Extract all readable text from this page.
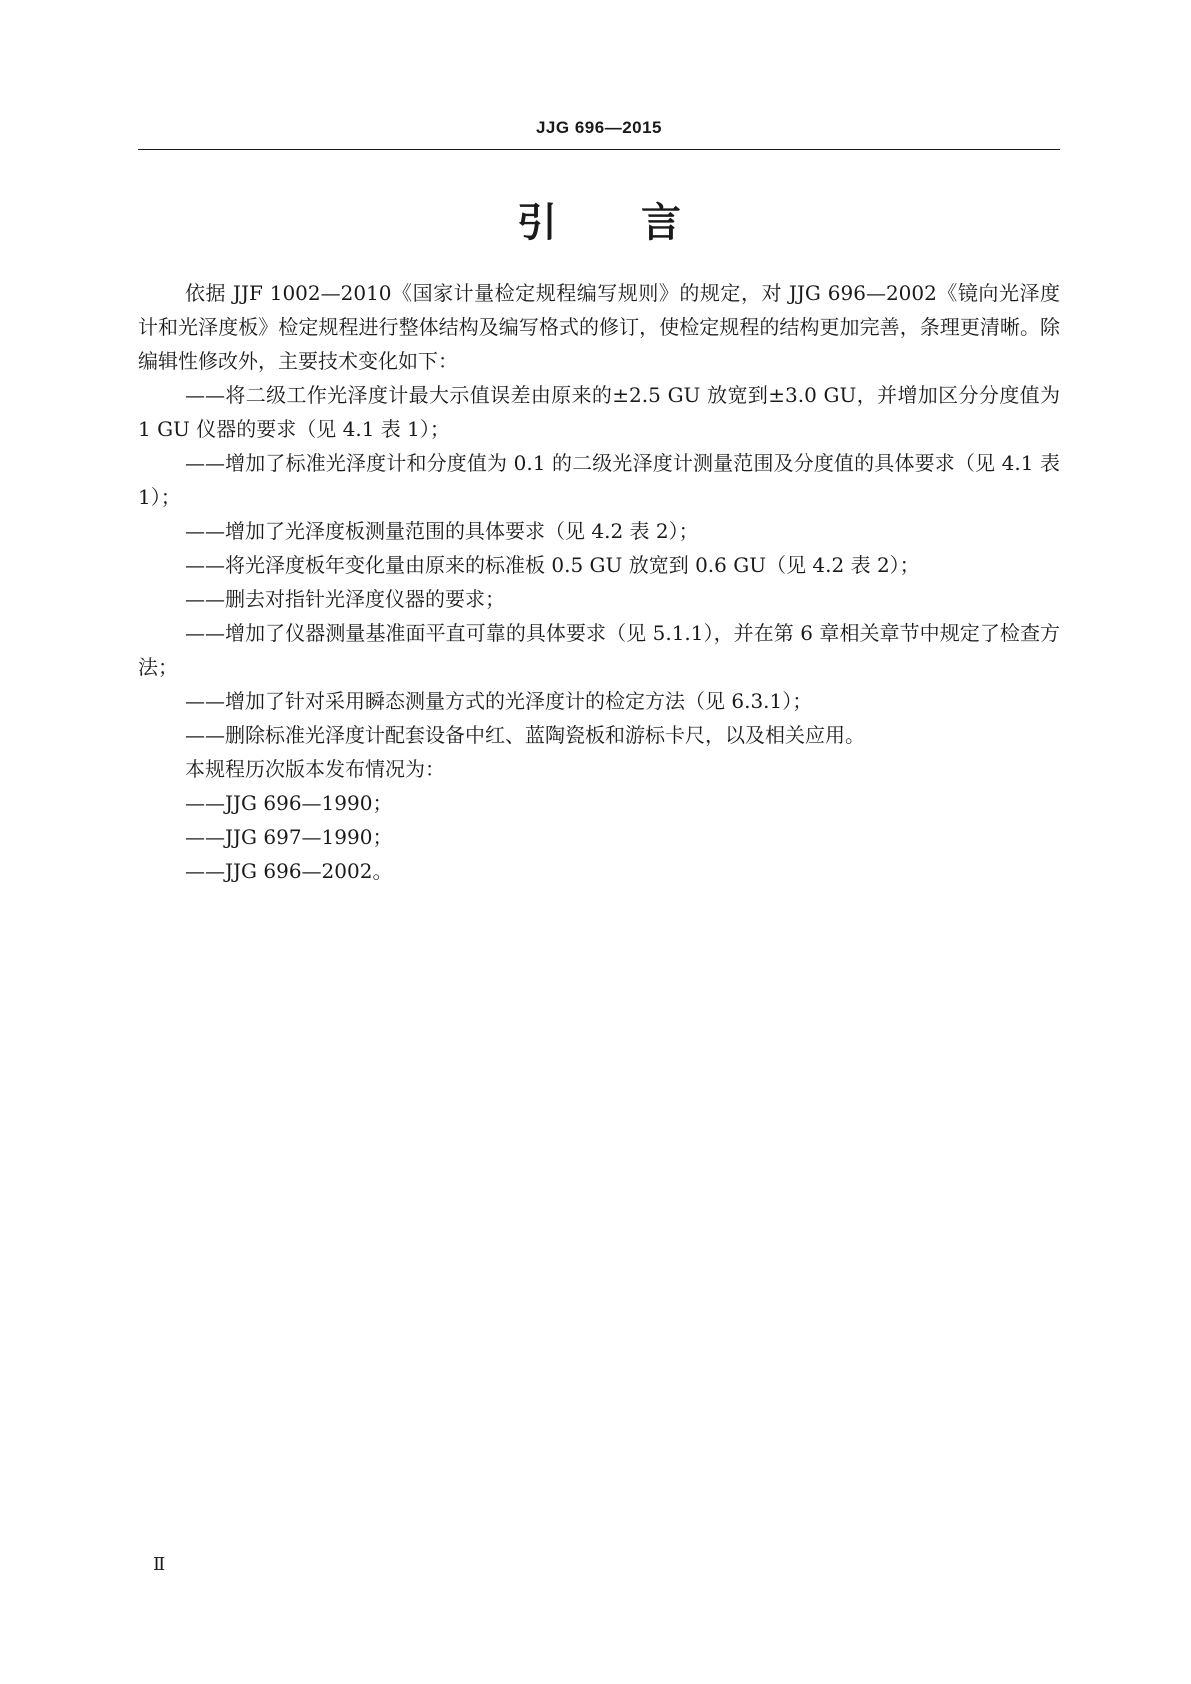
JJG 696—2015
引 言

依据 JJF 1002—2010《国家计量检定规程编写规则》的规定，对 JJG 696—2002《镜向光泽度计和光泽度板》检定规程进行整体结构及编写格式的修订，使检定规程的结构更加完善，条理更清晰。除编辑性修改外，主要技术变化如下：

——将二级工作光泽度计最大示值误差由原来的±2.5 GU 放宽到±3.0 GU，并增加区分分度值为 1 GU 仪器的要求（见 4.1 表 1）；

——增加了标准光泽度计和分度值为 0.1 的二级光泽度计测量范围及分度值的具体要求（见 4.1 表 1）；

——增加了光泽度板测量范围的具体要求（见 4.2 表 2）；

——将光泽度板年变化量由原来的标准板 0.5 GU 放宽到 0.6 GU（见 4.2 表 2）；

——删去对指针光泽度仪器的要求；

——增加了仪器测量基准面平直可靠的具体要求（见 5.1.1），并在第 6 章相关章节中规定了检查方法；

——增加了针对采用瞬态测量方式的光泽度计的检定方法（见 6.3.1）；

——删除标准光泽度计配套设备中红、蓝陶瓷板和游标卡尺，以及相关应用。

本规程历次版本发布情况为：

——JJG 696—1990；

——JJG 697—1990；

——JJG 696—2002。

Ⅱ
